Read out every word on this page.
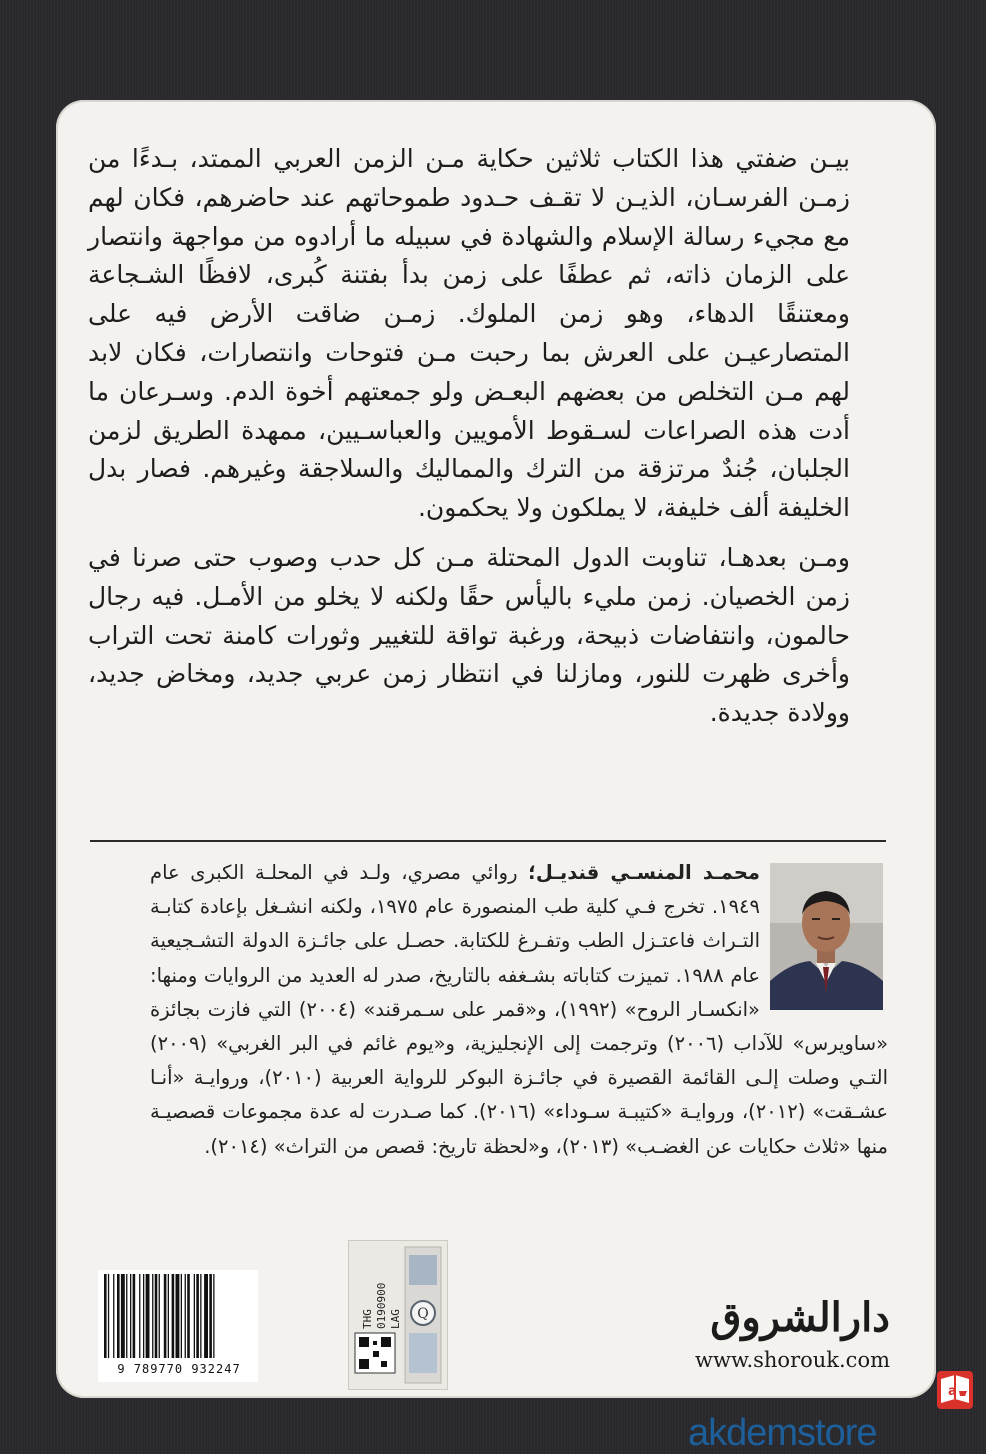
بيـن ضفتي هذا الكتاب ثلاثين حكاية مـن الزمن العربي الممتد، بـدءًا من زمـن الفرسـان، الذيـن لا تقـف حـدود طموحاتهم عند حاضرهم، فكان لهم مع مجيء رسالة الإسلام والشهادة في سبيله ما أرادوه من مواجهة وانتصار على الزمان ذاته، ثم عطفًا على زمن بدأ بفتنة كُبرى، لافظًا الشـجاعة ومعتنقًا الدهاء، وهو زمن الملوك. زمـن ضاقت الأرض فيه على المتصارعيـن على العرش بما رحبت مـن فتوحات وانتصارات، فكان لابد لهم مـن التخلص من بعضهم البعـض ولو جمعتهم أخوة الدم. وسـرعان ما أدت هذه الصراعات لسـقوط الأمويين والعباسـيين، ممهدة الطريق لزمن الجلبان، جُندٌ مرتزقة من الترك والمماليك والسلاجقة وغيرهم. فصار بدل الخليفة ألف خليفة، لا يملكون ولا يحكمون.

ومـن بعدهـا، تناوبت الدول المحتلة مـن كل حدب وصوب حتى صرنا في زمن الخصيان. زمن مليء باليأس حقًا ولكنه لا يخلو من الأمـل. فيه رجال حالمون، وانتفاضات ذبيحة، ورغبة تواقة للتغيير وثورات كامنة تحت التراب وأخرى ظهرت للنور، ومازلنا في انتظار زمن عربي جديد، ومخاض جديد، وولادة جديدة.

محمـد المنسـي قنديـل؛ روائي مصري، ولـد في المحلـة الكبرى عام ١٩٤٩. تخرج فـي كلية طب المنصورة عام ١٩٧٥، ولكنه انشـغل بإعادة كتابـة التـراث فاعتـزل الطب وتفـرغ للكتابة. حصـل على جائـزة الدولة التشـجيعية عام ١٩٨٨. تميزت كتاباته بشـغفه بالتاريخ، صدر له العديد من الروايات ومنها: «انكسـار الروح» (١٩٩٢)، و«قمر على سـمرقند» (٢٠٠٤) التي فازت بجائزة «ساويرس» للآداب (٢٠٠٦) وترجمت إلى الإنجليزية، و«يوم غائم في البر الغربي» (٢٠٠٩) التـي وصلت إلـى القائمة القصيرة في جائـزة البوكر للرواية العربية (٢٠١٠)، وروايـة «أنـا عشـقت» (٢٠١٢)، وروايـة «كتيبـة سـوداء» (٢٠١٦). كما صـدرت له عدة مجموعات قصصيـة منها «ثلاث حكايات عن الغضـب» (٢٠١٣)، و«لحظة تاريخ: قصص من التراث» (٢٠١٤).
9 789770 932247
Q
THG 0190900 LAG	دارالشروق
www.shorouk.com
a
akdemstore
